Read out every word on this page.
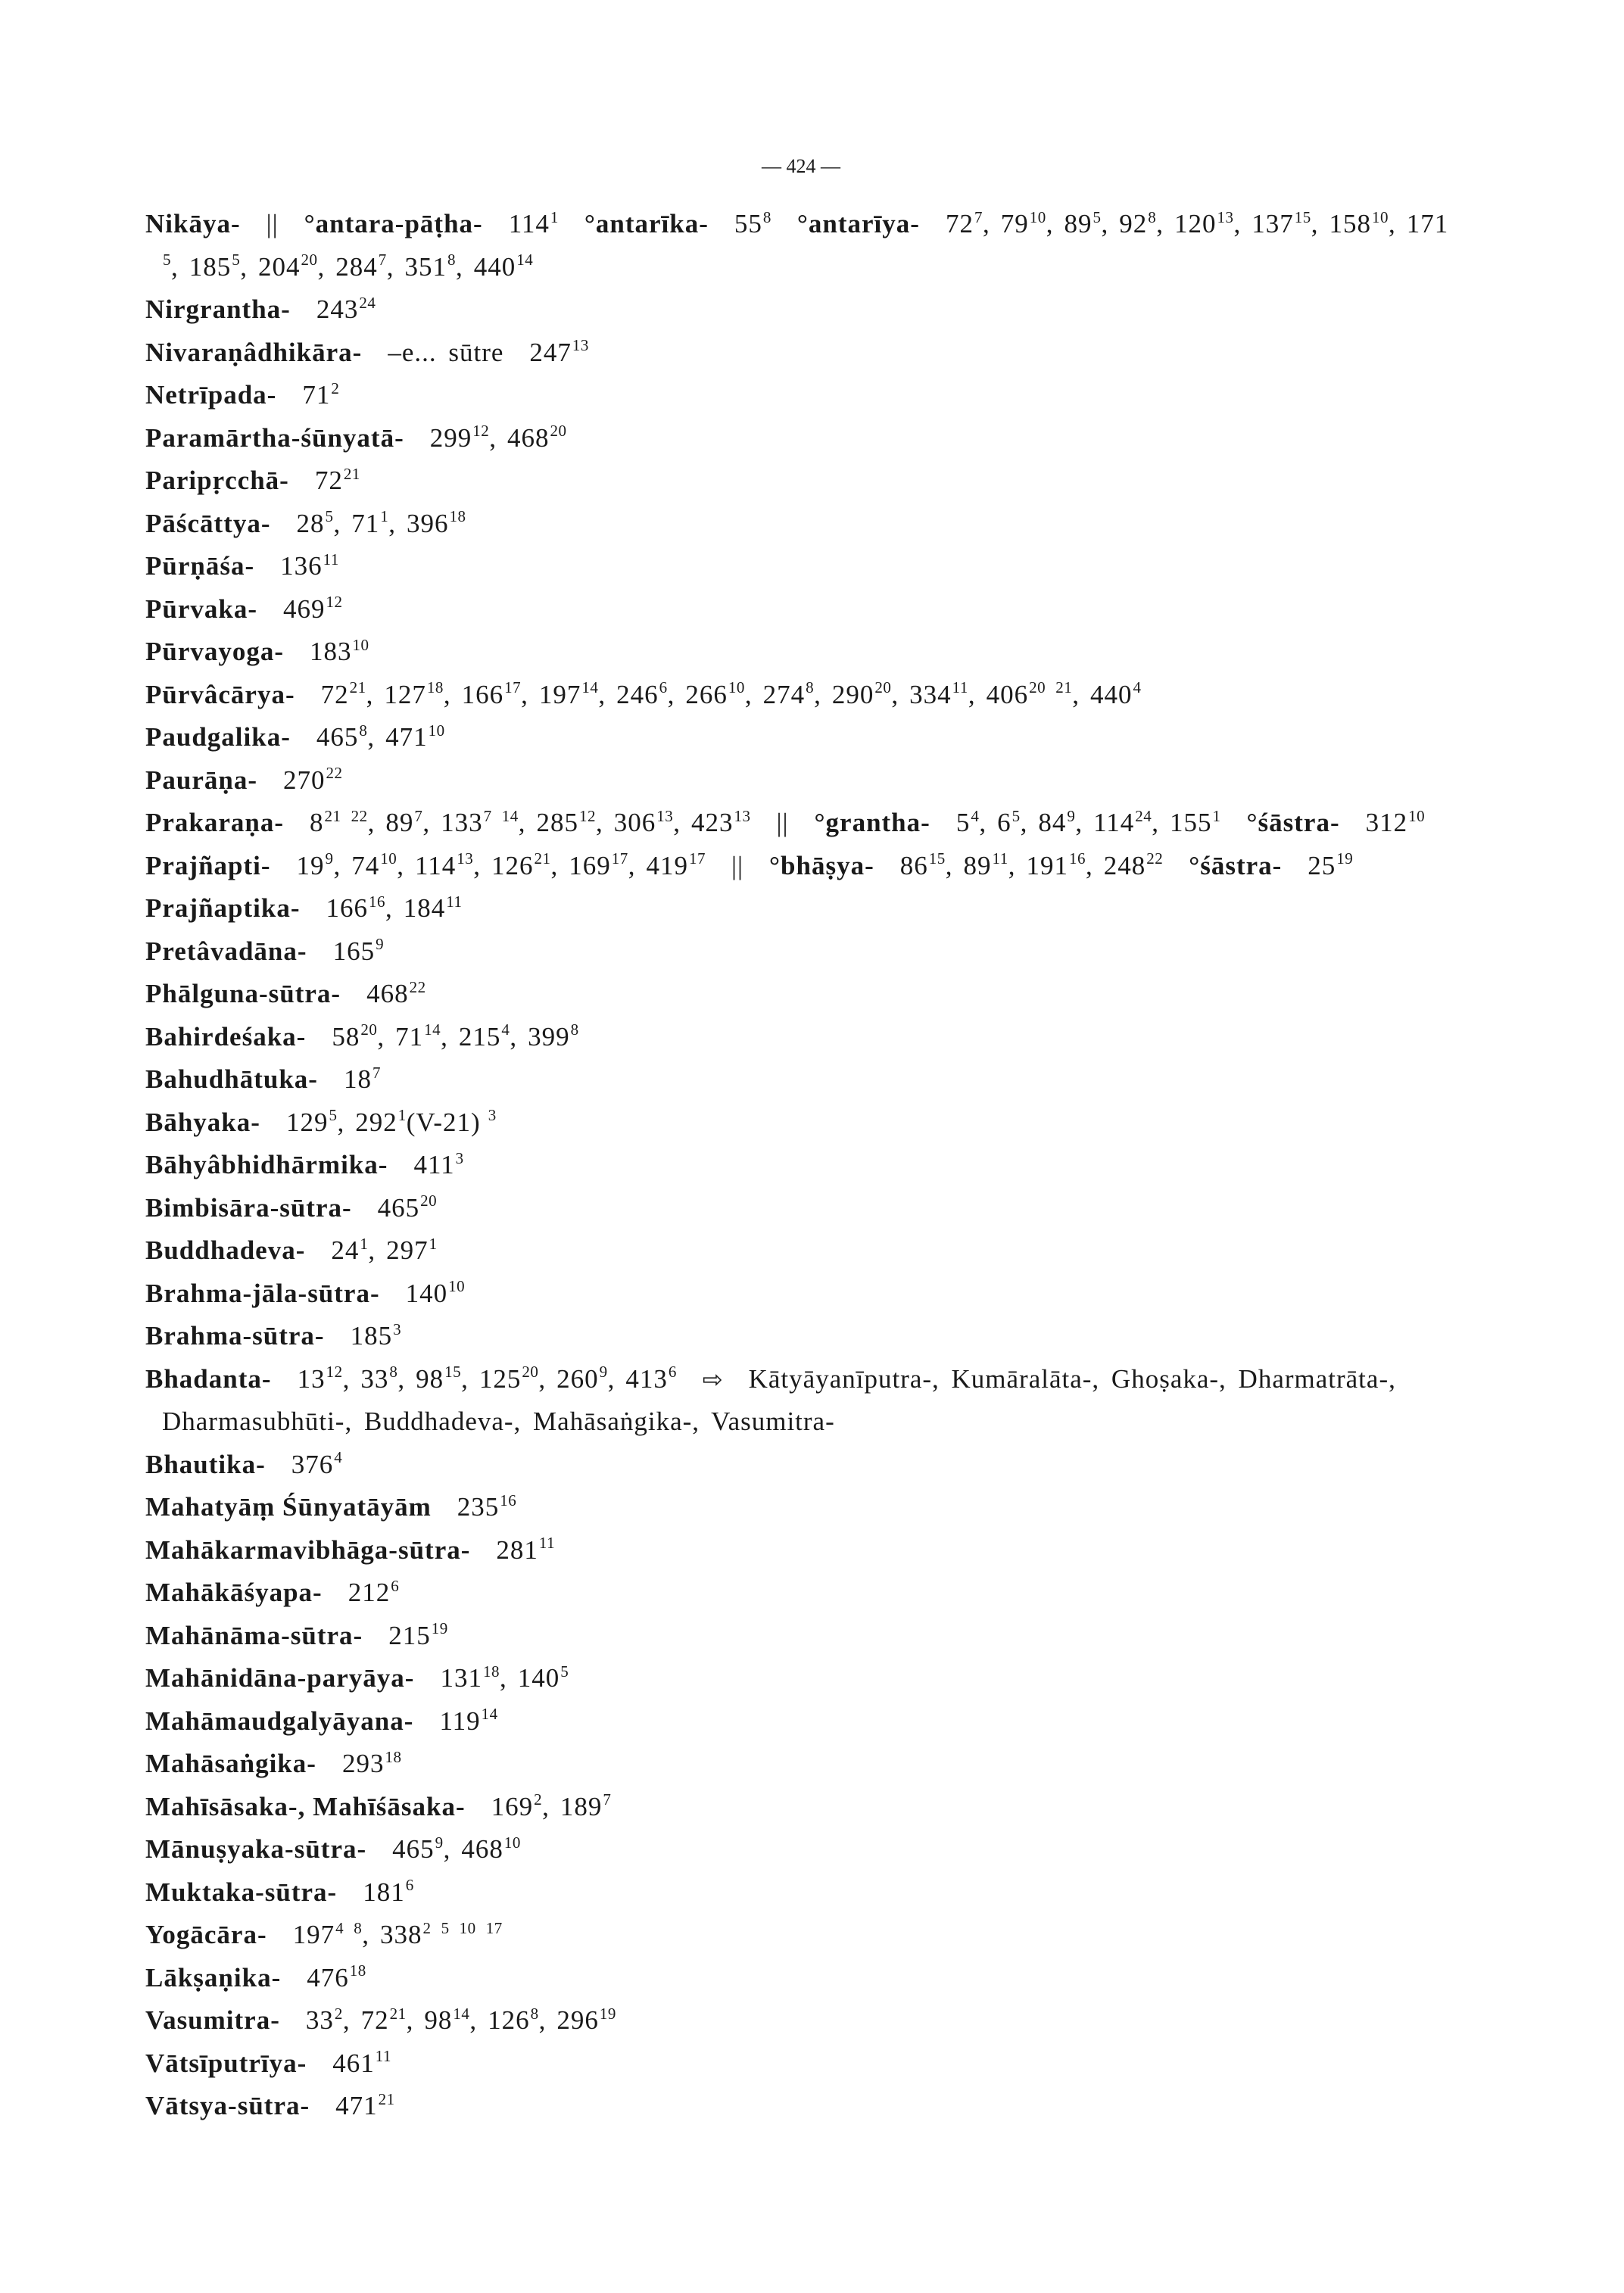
— 424 —
Nikāya- || °antara-pāṭha- $114^1$ °antarīka- $55^8$ °antarīya- $72^7$, $79^{10}$, $89^5$, $92^8$, $120^{13}$, $137^{15}$, $158^{10}$, 171
$^5$, $185^5$, $204^{20}$, $284^7$, $351^8$, $440^{14}$
Nirgrantha- $243^{24}$
Nivaraṇâdhikāra- –e... sūtre $247^{13}$
Netrīpada- $71^2$
Paramārtha-śūnyatā- $299^{12}$, $468^{20}$
Paripṛcchā- $72^{21}$
Pāścāttya- $28^5$, $71^1$, $396^{18}$
Pūrṇāśa- $136^{11}$
Pūrvaka- $469^{12}$
Pūrvayoga- $183^{10}$
Pūrvâcārya- $72^{21}$, $127^{18}$, $166^{17}$, $197^{14}$, $246^6$, $266^{10}$, $274^8$, $290^{20}$, $334^{11}$, $406^{20 21}$, $440^4$
Paudgalika- $465^8$, $471^{10}$
Paurāṇa- $270^{22}$
Prakaraṇa- $8^{21 22}$, $89^7$, $133^{7 14}$, $285^{12}$, $306^{13}$, $423^{13}$ || °grantha- $5^4$, $6^5$, $84^9$, $114^{24}$, $155^1$ °śāstra- $312^{10}$
Prajñapti- $19^9$, $74^{10}$, $114^{13}$, $126^{21}$, $169^{17}$, $419^{17}$ || °bhāṣya- $86^{15}$, $89^{11}$, $191^{16}$, $248^{22}$ °śāstra- $25^{19}$
Prajñaptika- $166^{16}$, $184^{11}$
Pretâvadāna- $165^9$
Phālguna-sūtra- $468^{22}$
Bahirdeśaka- $58^{20}$, $71^{14}$, $215^4$, $399^8$
Bahudhātuka- $18^7$
Bāhyaka- $129^5$, $292^1(V-21)$ $^3$
Bāhyâbhidhārmika- $411^3$
Bimbisāra-sūtra- $465^{20}$
Buddhadeva- $24^1$, $297^1$
Brahma-jāla-sūtra- $140^{10}$
Brahma-sūtra- $185^3$
Bhadanta- $13^{12}$, $33^8$, $98^{15}$, $125^{20}$, $260^9$, $413^6$ ⇨ Kātyāyanīputra-, Kumāralāta-, Ghoṣaka-, Dharmatrāta-,
Dharmasubhūti-, Buddhadeva-, Mahāsaṅgika-, Vasumitra-
Bhautika- $376^4$
Mahatyāṃ Śūnyatāyām $235^{16}$
Mahākarmavibhāga-sūtra- $281^{11}$
Mahākāśyapa- $212^6$
Mahānāma-sūtra- $215^{19}$
Mahānidāna-paryāya- $131^{18}$, $140^5$
Mahāmaudgalyāyana- $119^{14}$
Mahāsaṅgika- $293^{18}$
Mahīsāsaka-, Mahīśāsaka- $169^2$, $189^7$
Mānuṣyaka-sūtra- $465^9$, $468^{10}$
Muktaka-sūtra- $181^6$
Yogācāra- $197^{4 8}$, $338^{2 5 10 17}$
Lākṣaṇika- $476^{18}$
Vasumitra- $33^2$, $72^{21}$, $98^{14}$, $126^8$, $296^{19}$
Vātsīputrīya- $461^{11}$
Vātsya-sūtra- $471^{21}$
